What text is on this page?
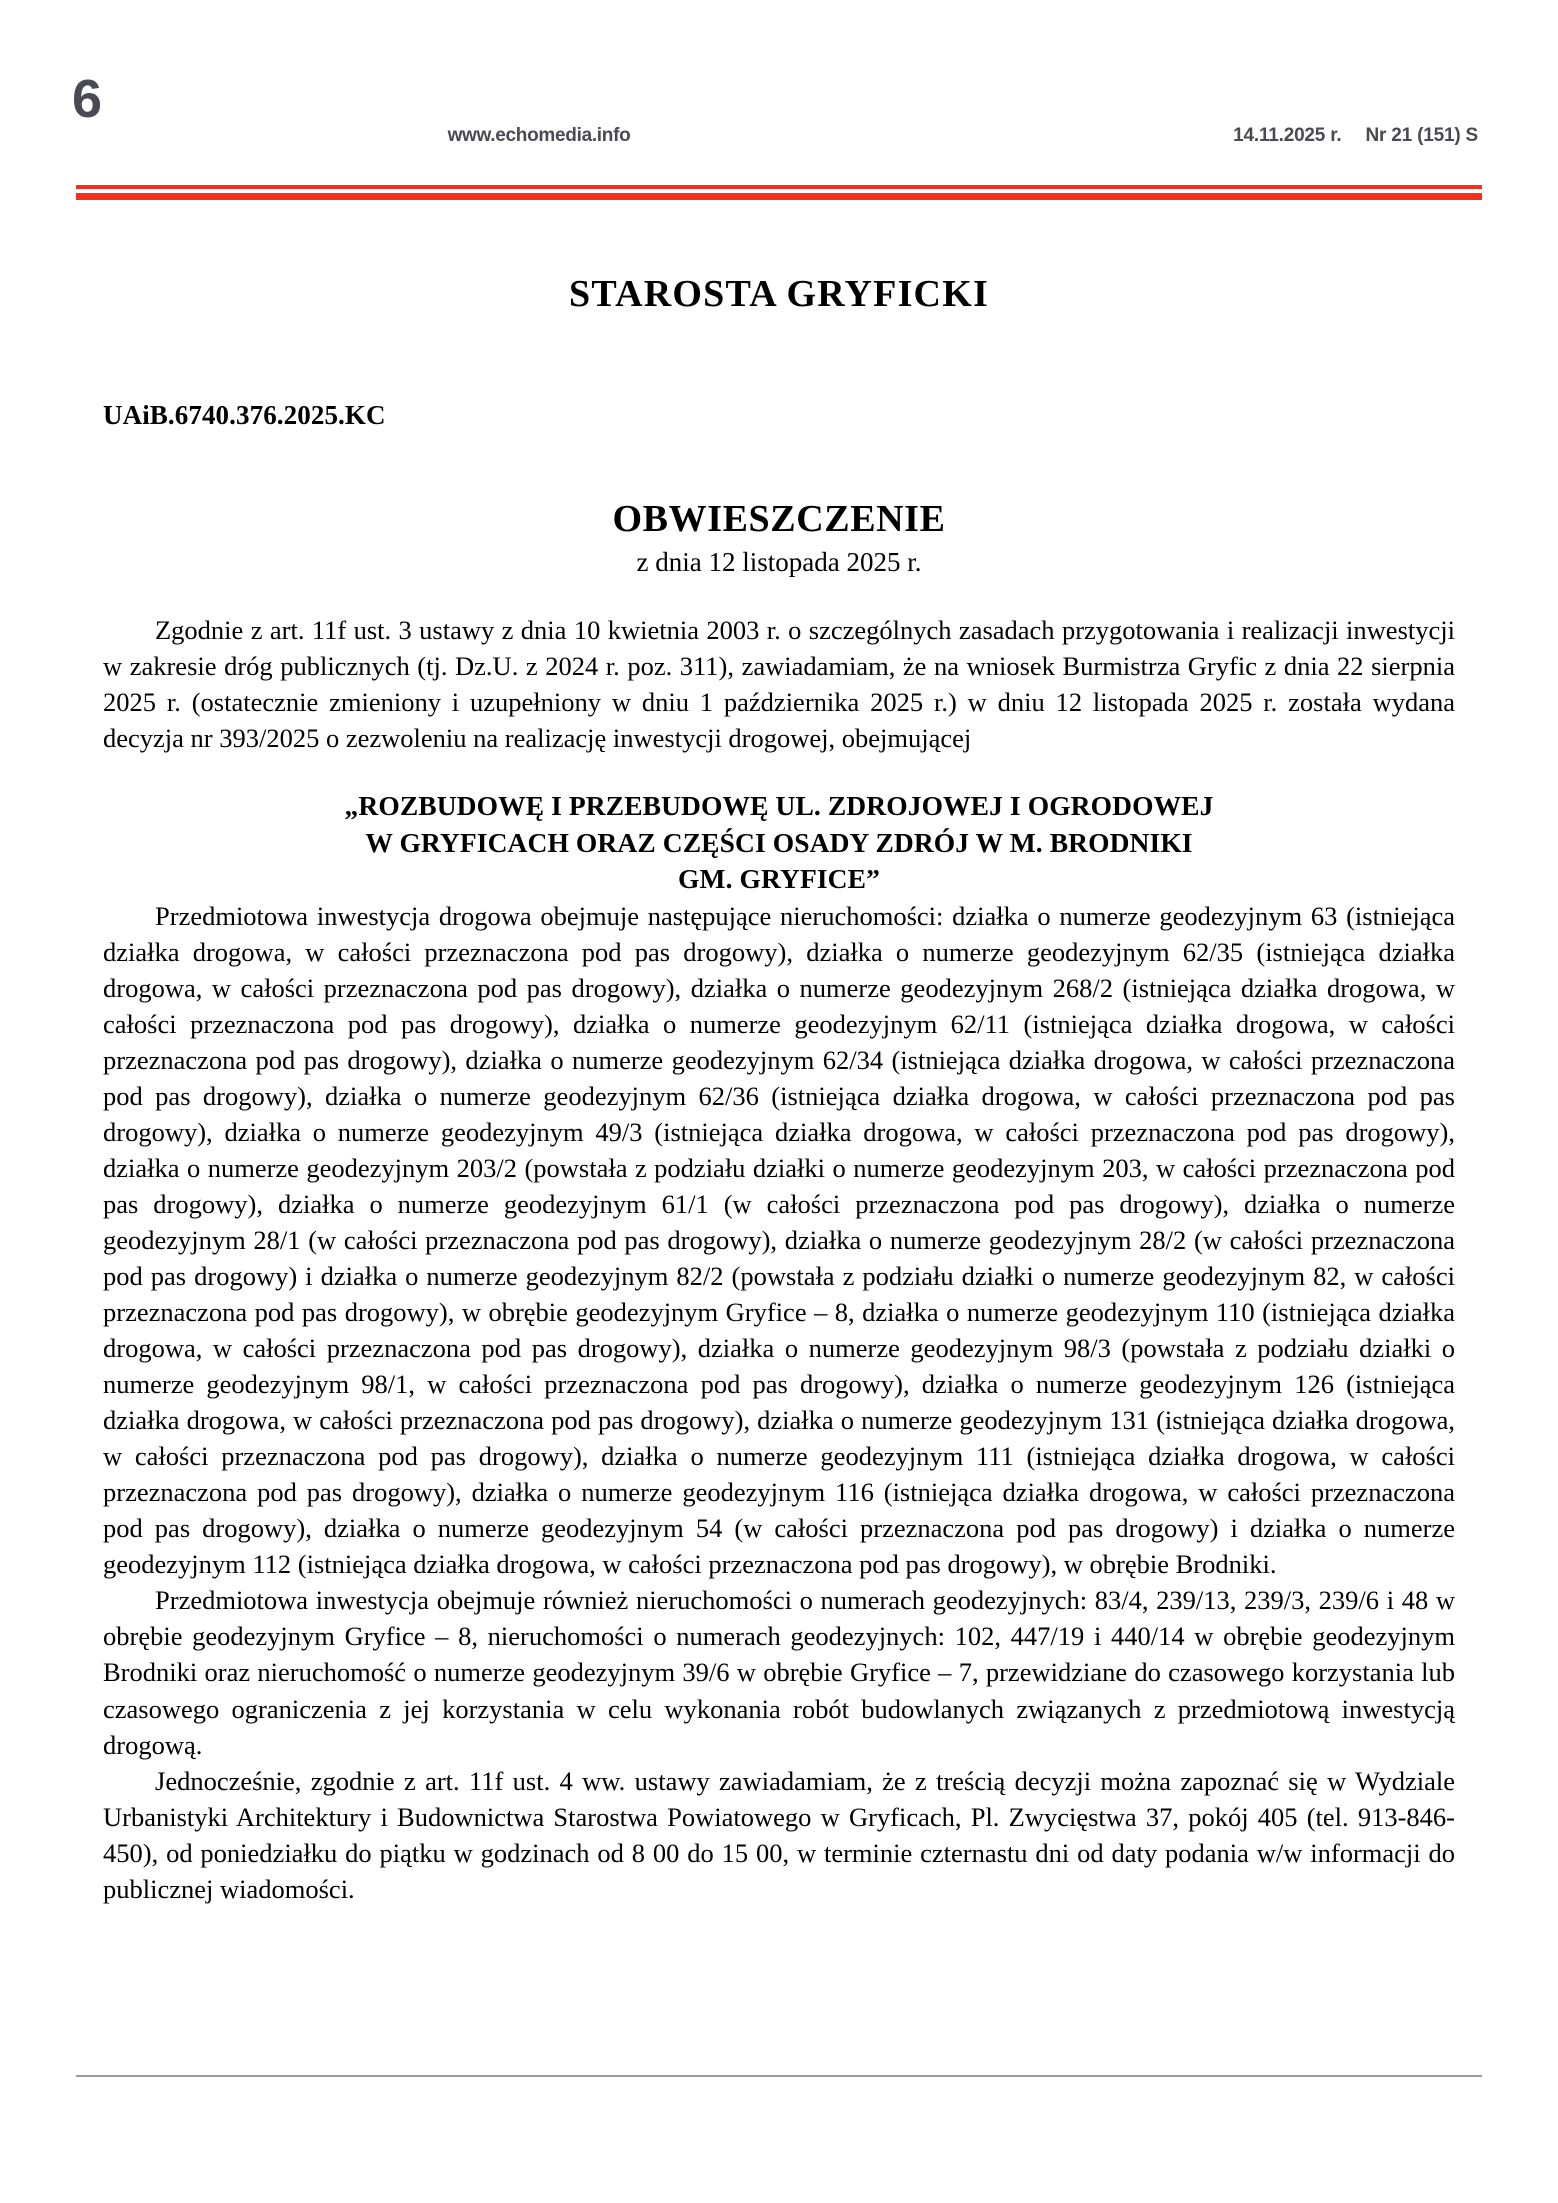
6
www.echomedia.info	14.11.2025 r. Nr 21 (151) S
STAROSTA GRYFICKI
UAiB.6740.376.2025.KC
OBWIESZCZENIE
z dnia 12 listopada 2025 r.

Zgodnie z art. 11f ust. 3 ustawy z dnia 10 kwietnia 2003 r. o szczególnych zasadach przygotowania i realizacji inwestycji w zakresie dróg publicznych (tj. Dz.U. z 2024 r. poz. 311), zawiadamiam, że na wniosek Burmistrza Gryfic z dnia 22 sierpnia 2025 r. (ostatecznie zmieniony i uzupełniony w dniu 1 października 2025 r.) w dniu 12 listopada 2025 r. została wydana decyzja nr 393/2025 o zezwoleniu na realizację inwestycji drogowej, obejmującej

„ROZBUDOWĘ I PRZEBUDOWĘ UL. ZDROJOWEJ I OGRODOWEJ
W GRYFICACH ORAZ CZĘŚCI OSADY ZDRÓJ W M. BRODNIKI
GM. GRYFICE”

Przedmiotowa inwestycja drogowa obejmuje następujące nieruchomości: działka o numerze geodezyjnym 63 (istniejąca działka drogowa, w całości przeznaczona pod pas drogowy), działka o numerze geodezyjnym 62/35 (istniejąca działka drogowa, w całości przeznaczona pod pas drogowy), działka o numerze geodezyjnym 268/2 (istniejąca działka drogowa, w całości przeznaczona pod pas drogowy), działka o numerze geodezyjnym 62/11 (istniejąca działka drogowa, w całości przeznaczona pod pas drogowy), działka o numerze geodezyjnym 62/34 (istniejąca działka drogowa, w całości przeznaczona pod pas drogowy), działka o numerze geodezyjnym 62/36 (istniejąca działka drogowa, w całości przeznaczona pod pas drogowy), działka o numerze geodezyjnym 49/3 (istniejąca działka drogowa, w całości przeznaczona pod pas drogowy), działka o numerze geodezyjnym 203/2 (powstała z podziału działki o numerze geodezyjnym 203, w całości przeznaczona pod pas drogowy), działka o numerze geodezyjnym 61/1 (w całości przeznaczona pod pas drogowy), działka o numerze geodezyjnym 28/1 (w całości przeznaczona pod pas drogowy), działka o numerze geodezyjnym 28/2 (w całości przeznaczona pod pas drogowy) i działka o numerze geodezyjnym 82/2 (powstała z podziału działki o numerze geodezyjnym 82, w całości przeznaczona pod pas drogowy), w obrębie geodezyjnym Gryfice – 8, działka o numerze geodezyjnym 110 (istniejąca działka drogowa, w całości przeznaczona pod pas drogowy), działka o numerze geodezyjnym 98/3 (powstała z podziału działki o numerze geodezyjnym 98/1, w całości przeznaczona pod pas drogowy), działka o numerze geodezyjnym 126 (istniejąca działka drogowa, w całości przeznaczona pod pas drogowy), działka o numerze geodezyjnym 131 (istniejąca działka drogowa, w całości przeznaczona pod pas drogowy), działka o numerze geodezyjnym 111 (istniejąca działka drogowa, w całości przeznaczona pod pas drogowy), działka o numerze geodezyjnym 116 (istniejąca działka drogowa, w całości przeznaczona pod pas drogowy), działka o numerze geodezyjnym 54 (w całości przeznaczona pod pas drogowy) i działka o numerze geodezyjnym 112 (istniejąca działka drogowa, w całości przeznaczona pod pas drogowy), w obrębie Brodniki.

Przedmiotowa inwestycja obejmuje również nieruchomości o numerach geodezyjnych: 83/4, 239/13, 239/3, 239/6 i 48 w obrębie geodezyjnym Gryfice – 8, nieruchomości o numerach geodezyjnych: 102, 447/19 i 440/14 w obrębie geodezyjnym Brodniki oraz nieruchomość o numerze geodezyjnym 39/6 w obrębie Gryfice – 7, przewidziane do czasowego korzystania lub czasowego ograniczenia z jej korzystania w celu wykonania robót budowlanych związanych z przedmiotową inwestycją drogową.

Jednocześnie, zgodnie z art. 11f ust. 4 ww. ustawy zawiadamiam, że z treścią decyzji można zapoznać się w Wydziale Urbanistyki Architektury i Budownictwa Starostwa Powiatowego w Gryficach, Pl. Zwycięstwa 37, pokój 405 (tel. 913-846-450), od poniedziałku do piątku w godzinach od 8 00 do 15 00, w terminie czternastu dni od daty podania w/w informacji do publicznej wiadomości.
